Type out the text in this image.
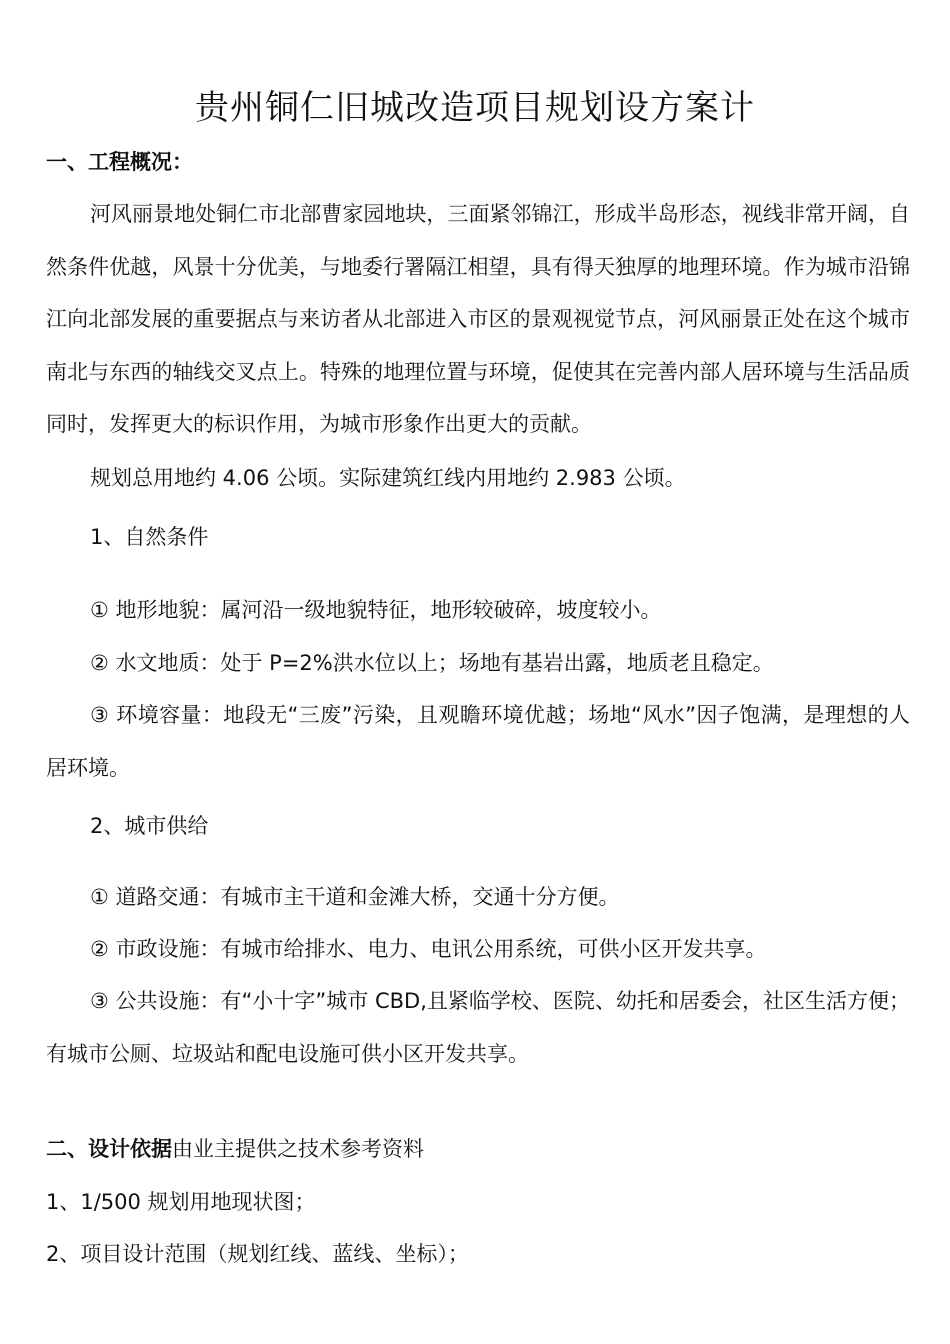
贵州铜仁旧城改造项目规划设方案计

一、工程概况：

河风丽景地处铜仁市北部曹家园地块，三面紧邻锦江，形成半岛形态，视线非常开阔，自然条件优越，风景十分优美，与地委行署隔江相望，具有得天独厚的地理环境。作为城市沿锦江向北部发展的重要据点与来访者从北部进入市区的景观视觉节点，河风丽景正处在这个城市南北与东西的轴线交叉点上。特殊的地理位置与环境，促使其在完善内部人居环境与生活品质同时，发挥更大的标识作用，为城市形象作出更大的贡献。

规划总用地约 4.06 公顷。实际建筑红线内用地约 2.983 公顷。

1、自然条件

① 地形地貌：属河沿一级地貌特征，地形较破碎，坡度较小。

② 水文地质：处于 P=2%洪水位以上；场地有基岩出露，地质老且稳定。

③ 环境容量：地段无“三废”污染，且观瞻环境优越；场地“风水”因子饱满，是理想的人居环境。

2、城市供给

① 道路交通：有城市主干道和金滩大桥，交通十分方便。

② 市政设施：有城市给排水、电力、电讯公用系统，可供小区开发共享。

③ 公共设施：有“小十字”城市 CBD,且紧临学校、医院、幼托和居委会，社区生活方便；有城市公厕、垃圾站和配电设施可供小区开发共享。

二、设计依据由业主提供之技术参考资料

1、1/500 规划用地现状图；

2、项目设计范围（规划红线、蓝线、坐标）；
